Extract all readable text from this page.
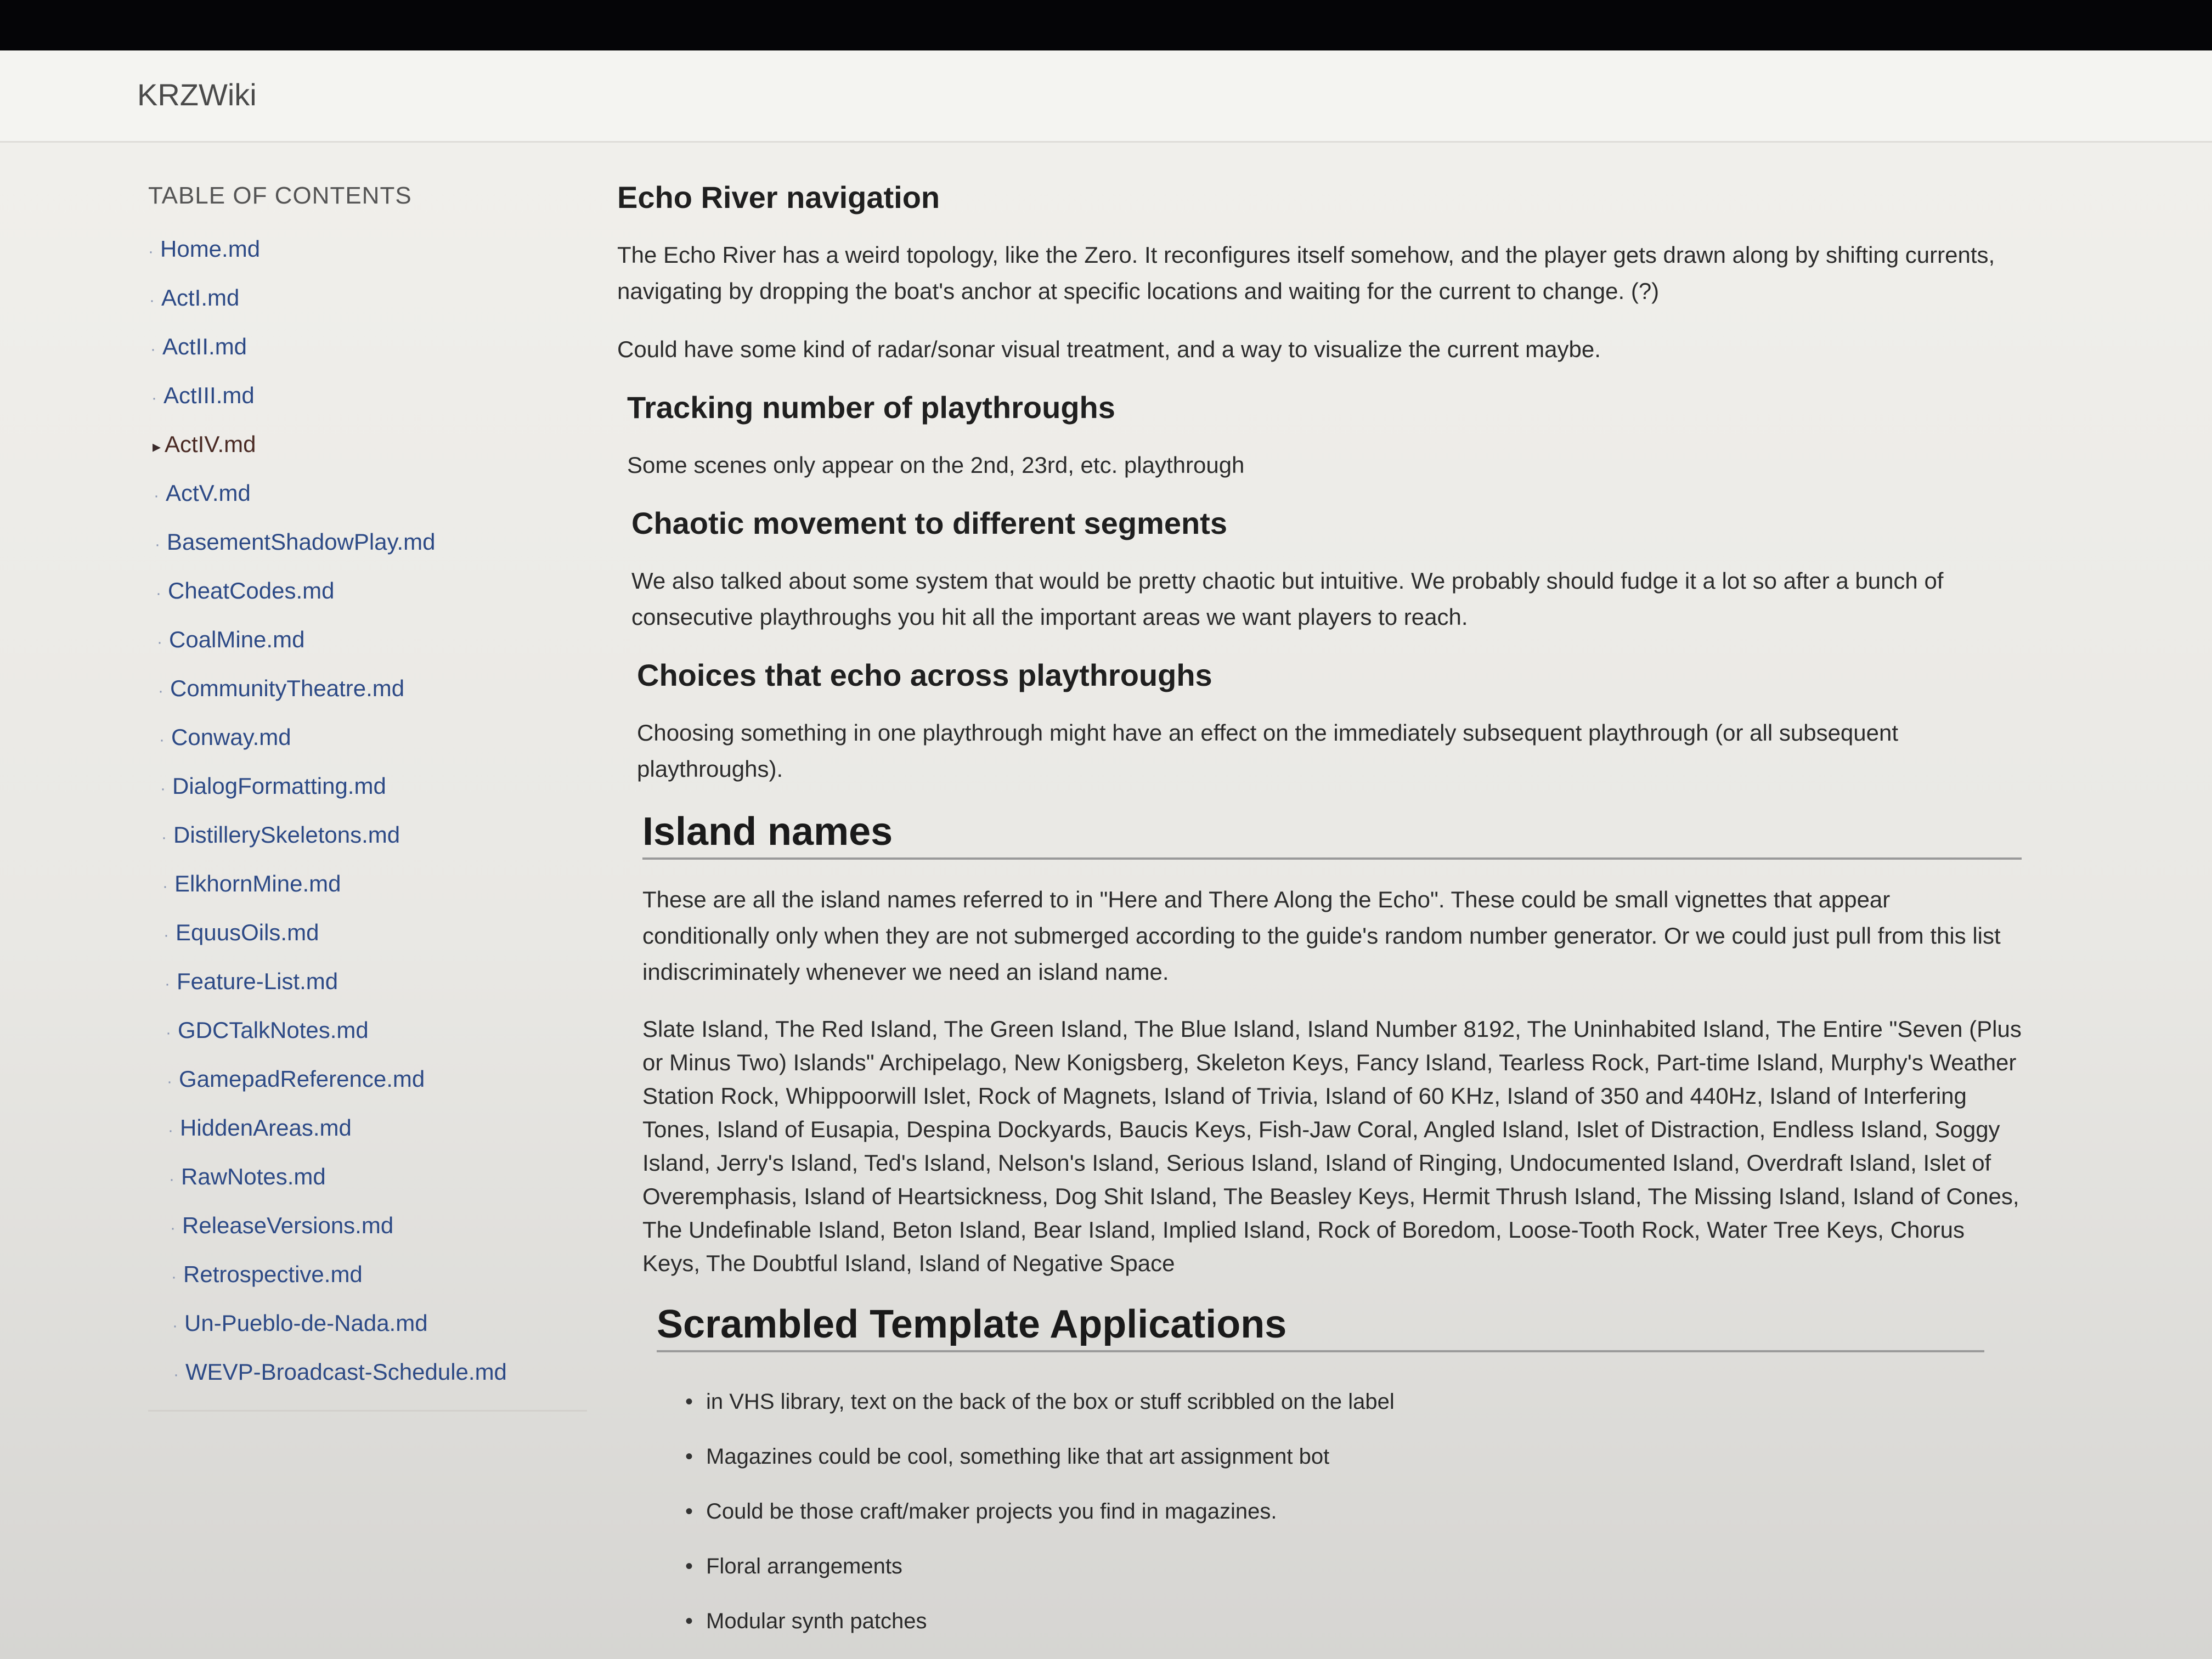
KRZWiki
TABLE OF CONTENTS
· Home.md
· ActI.md
· ActII.md
· ActIII.md
▸ ActIV.md
· ActV.md
· BasementShadowPlay.md
· CheatCodes.md
· CoalMine.md
· CommunityTheatre.md
· Conway.md
· DialogFormatting.md
· DistillerySkeletons.md
· ElkhornMine.md
· EquusOils.md
· Feature-List.md
· GDCTalkNotes.md
· GamepadReference.md
· HiddenAreas.md
· RawNotes.md
· ReleaseVersions.md
· Retrospective.md
· Un-Pueblo-de-Nada.md
· WEVP-Broadcast-Schedule.md
Echo River navigation

The Echo River has a weird topology, like the Zero. It reconfigures itself somehow, and the player gets drawn along by shifting currents, navigating by dropping the boat's anchor at specific locations and waiting for the current to change. (?)

Could have some kind of radar/sonar visual treatment, and a way to visualize the current maybe.

Tracking number of playthroughs

Some scenes only appear on the 2nd, 23rd, etc. playthrough

Chaotic movement to different segments

We also talked about some system that would be pretty chaotic but intuitive. We probably should fudge it a lot so after a bunch of consecutive playthroughs you hit all the important areas we want players to reach.

Choices that echo across playthroughs

Choosing something in one playthrough might have an effect on the immediately subsequent playthrough (or all subsequent playthroughs).

Island names

These are all the island names referred to in "Here and There Along the Echo". These could be small vignettes that appear conditionally only when they are not submerged according to the guide's random number generator. Or we could just pull from this list indiscriminately whenever we need an island name.

Slate Island, The Red Island, The Green Island, The Blue Island, Island Number 8192, The Uninhabited Island, The Entire "Seven (Plus or Minus Two) Islands" Archipelago, New Konigsberg, Skeleton Keys, Fancy Island, Tearless Rock, Part-time Island, Murphy's Weather Station Rock, Whippoorwill Islet, Rock of Magnets, Island of Trivia, Island of 60 KHz, Island of 350 and 440Hz, Island of Interfering Tones, Island of Eusapia, Despina Dockyards, Baucis Keys, Fish-Jaw Coral, Angled Island, Islet of Distraction, Endless Island, Soggy Island, Jerry's Island, Ted's Island, Nelson's Island, Serious Island, Island of Ringing, Undocumented Island, Overdraft Island, Islet of Overemphasis, Island of Heartsickness, Dog Shit Island, The Beasley Keys, Hermit Thrush Island, The Missing Island, Island of Cones, The Undefinable Island, Beton Island, Bear Island, Implied Island, Rock of Boredom, Loose-Tooth Rock, Water Tree Keys, Chorus Keys, The Doubtful Island, Island of Negative Space

Scrambled Template Applications
• in VHS library, text on the back of the box or stuff scribbled on the label
• Magazines could be cool, something like that art assignment bot
• Could be those craft/maker projects you find in magazines.
• Floral arrangements
• Modular synth patches
